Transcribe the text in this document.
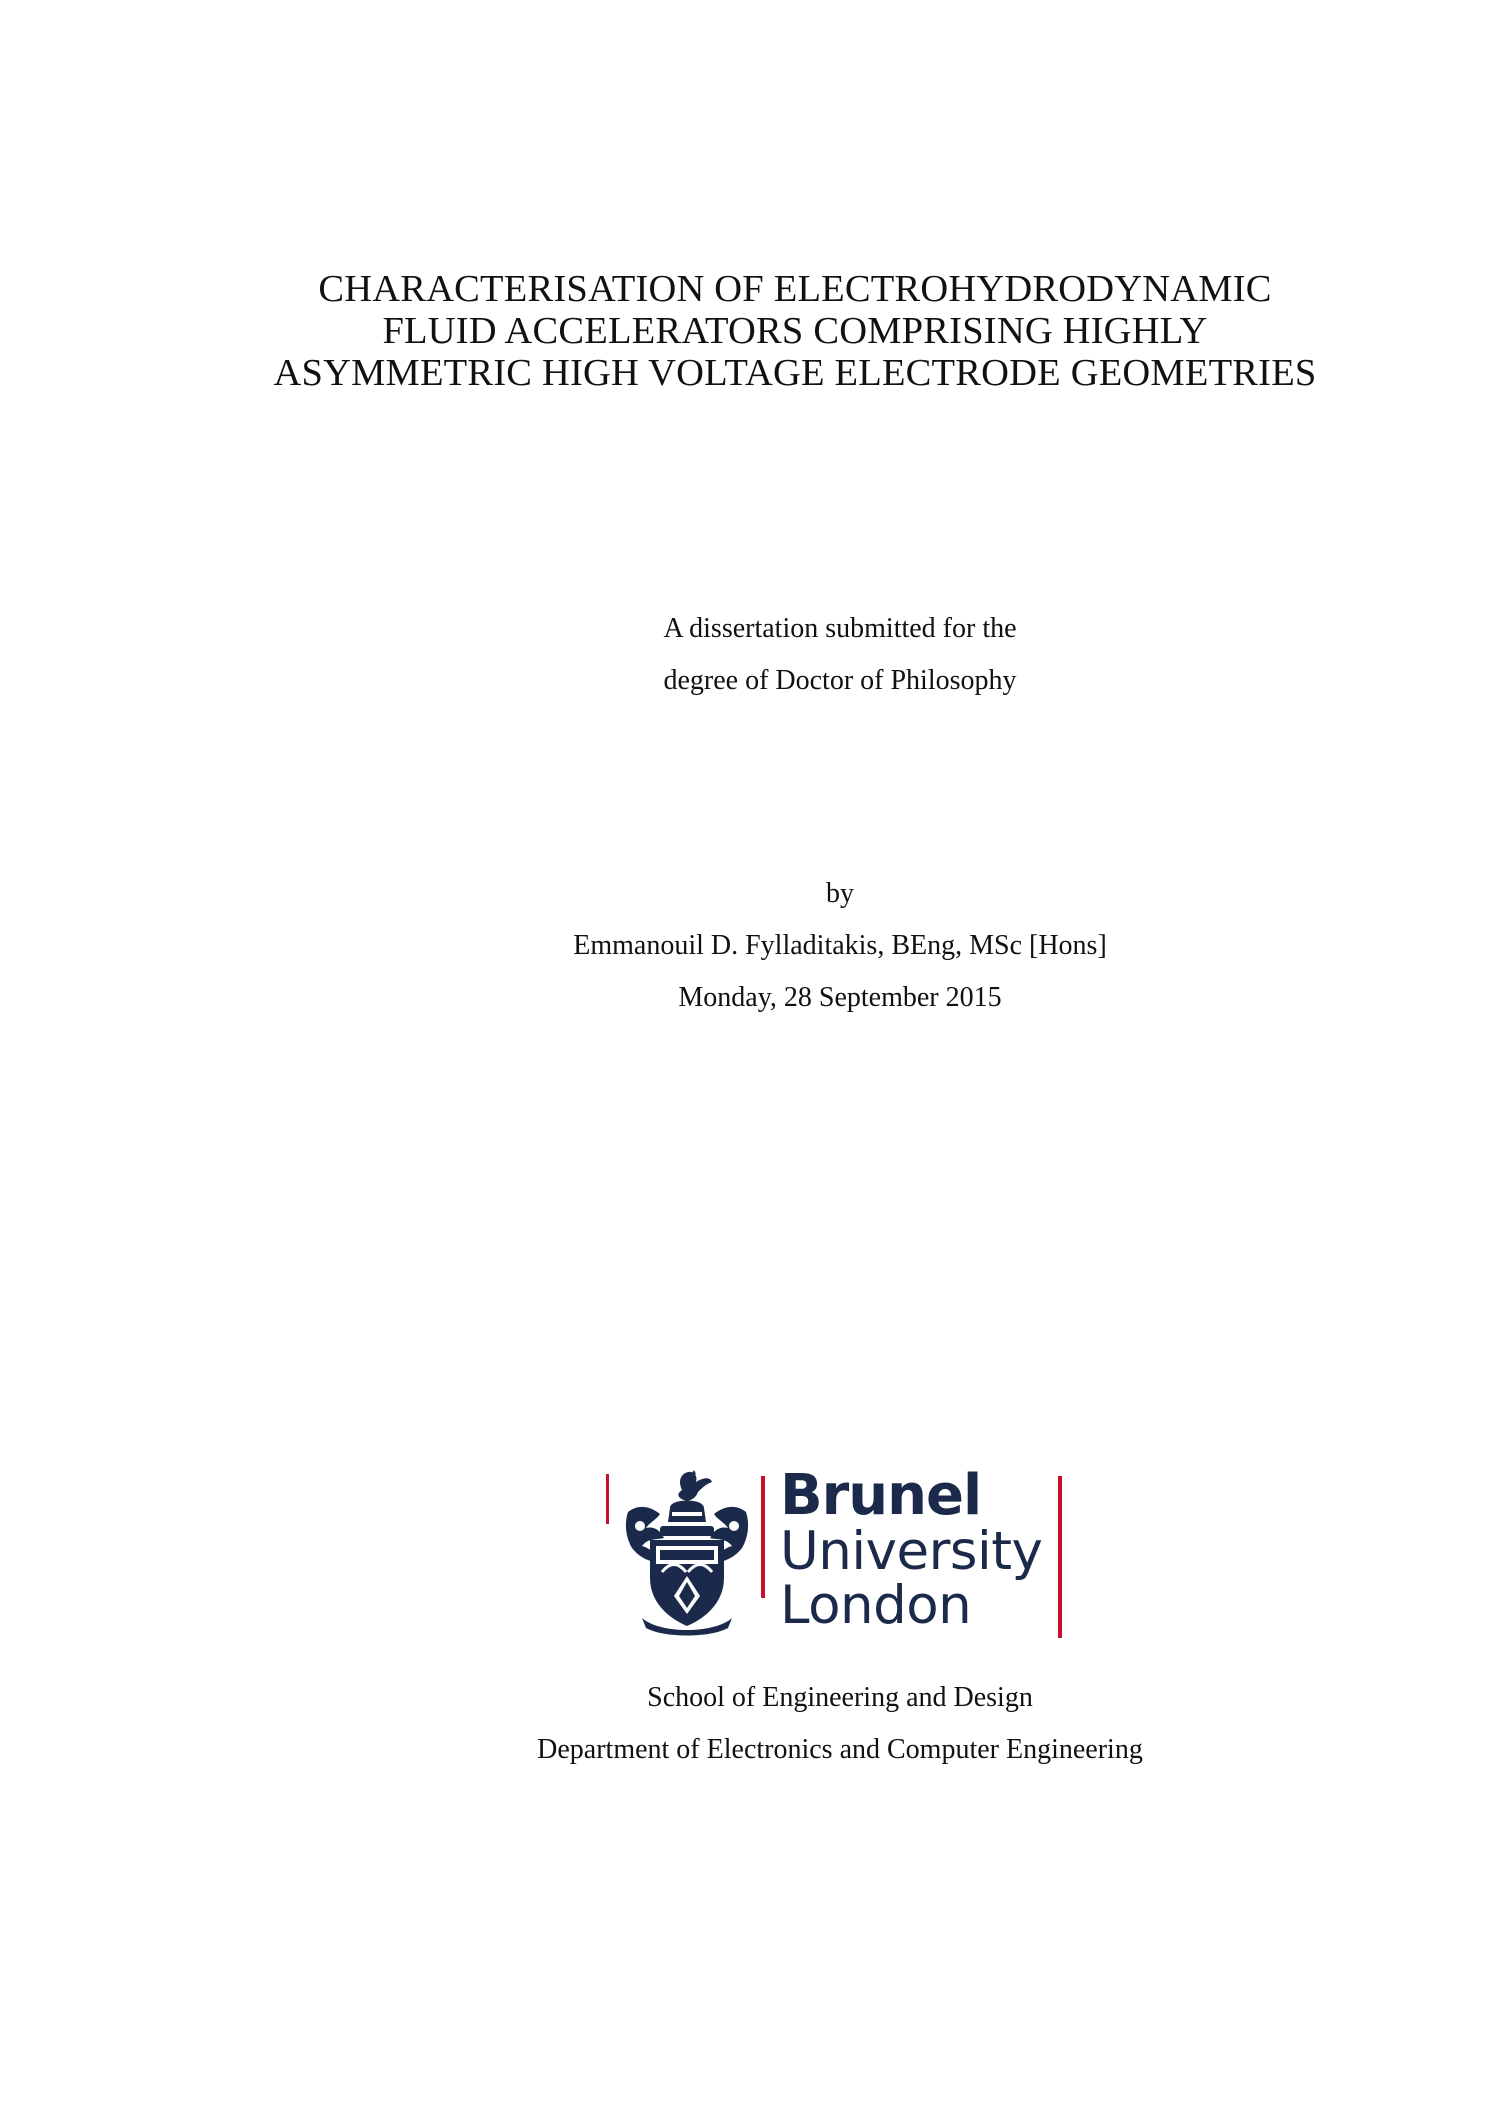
CHARACTERISATION OF ELECTROHYDRODYNAMIC

FLUID ACCELERATORS COMPRISING HIGHLY

ASYMMETRIC HIGH VOLTAGE ELECTRODE GEOMETRIES

A dissertation submitted for the

degree of Doctor of Philosophy

by

Emmanouil D. Fylladitakis, BEng, MSc [Hons]

Monday, 28 September 2015

Brunel

University

London

School of Engineering and Design

Department of Electronics and Computer Engineering
